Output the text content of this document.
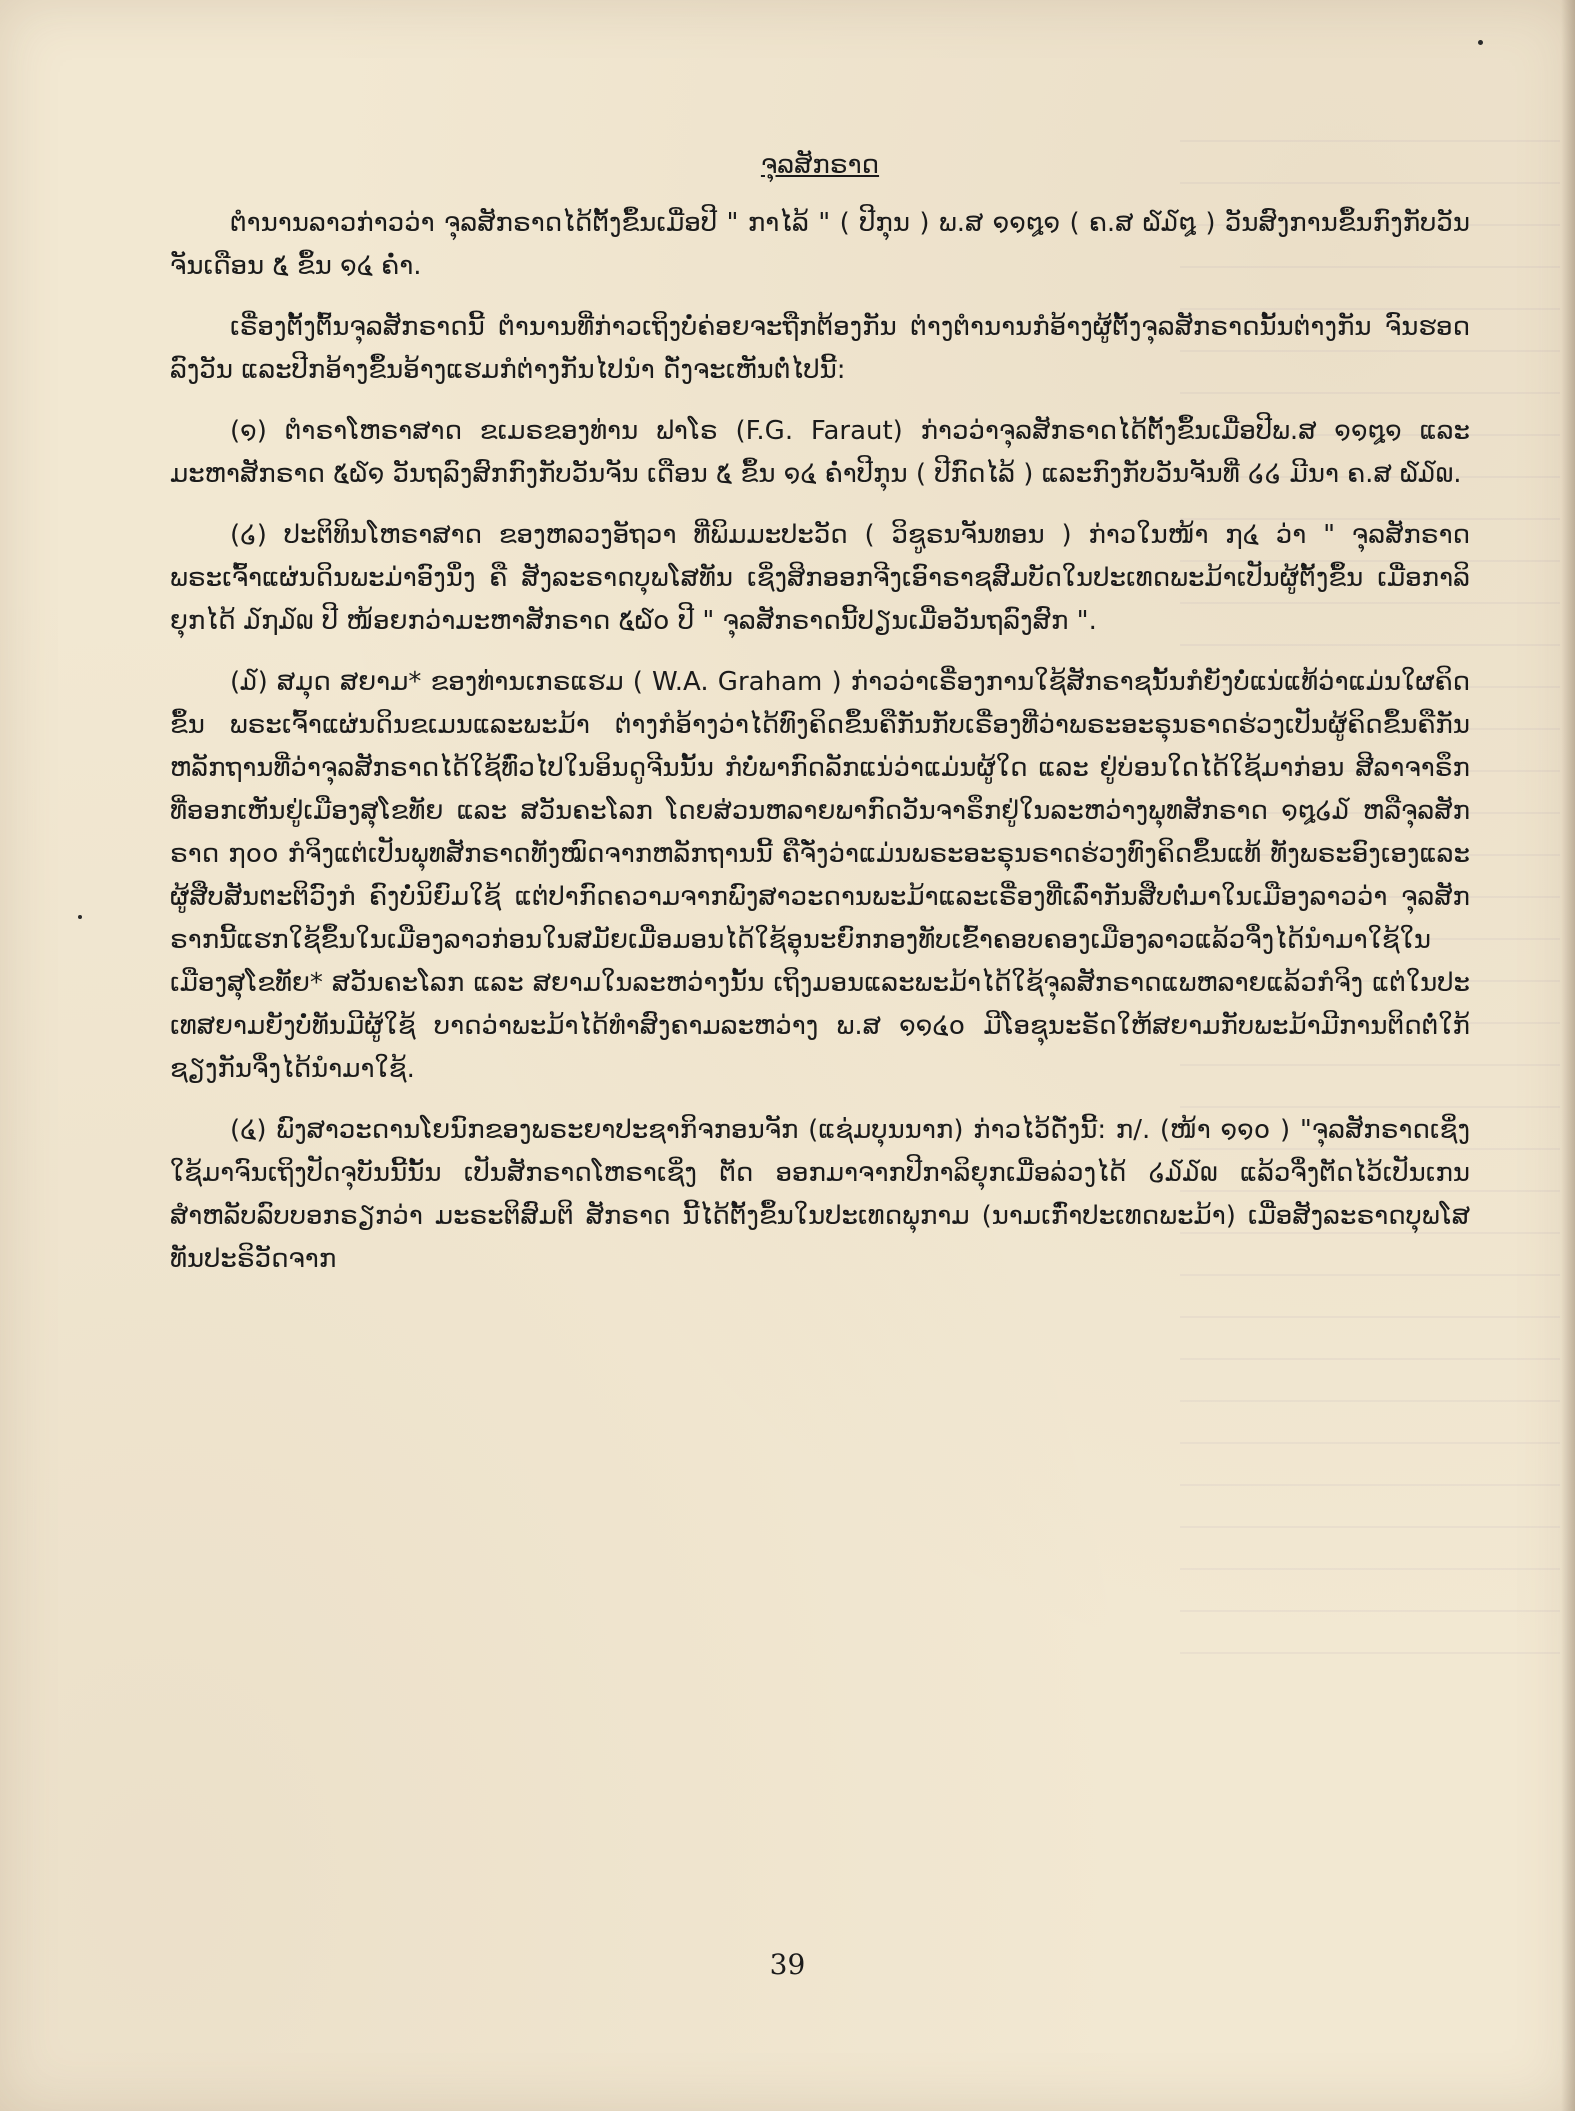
ຈຸລສັກຣາດ

ຕຳນານລາວກ່າວວ່າ ຈຸລສັກຣາດໄດ້ຕັ້ງຂຶ້ນເມື່ອປີ " ກາໄລ້ " ( ປີກຸນ ) ພ.ສ ໑໑໘໑ ( ຄ.ສ ໖໓໘ ) ວັນສົງການຂຶ້ນກົງກັບວັນຈັນເດືອນ ໕ ຂຶ້ນ ໑໔ ຄ່ຳ.

ເຣື່ອງຕັ້ງຕົ້ນຈຸລສັກຣາດນີ້ ຕຳນານທີ່ກ່າວເຖິງບໍ່ຄ່ອຍຈະຖືກຕ້ອງກັນ ຕ່າງຕຳນານກໍອ້າງຜູ້ຕັ້ງຈຸລສັກຣາດນັ້ນຕ່າງກັນ ຈົນຮອດລົງວັນ ແລະປີກອ້າງຂຶ້ນອ້າງແຮມກໍຕ່າງກັນໄປນຳ ດັ່ງຈະເຫັນຕໍ່ໄປນີ້:

(໑) ຕຳຣາໂຫຣາສາດ ຂເມຣຂອງທ່ານ ຟາໂຣ (F.G. Faraut) ກ່າວວ່າຈຸລສັກຣາດໄດ້ຕັ້ງຂຶ້ນເມື່ອປີພ.ສ ໑໑໘໑ ແລະ ມະຫາສັກຣາດ ໕໖໑ ວັນຖລົງສົກກົງກັບວັນຈັນ ເດືອນ ໕ ຂຶ້ນ ໑໔ ຄ່ຳປີກຸນ ( ປີກົດໄລ້ ) ແລະກົງກັບວັນຈັນທີ່ ໒໒ ມີນາ ຄ.ສ ໖໓໙.

(໒) ປະຕິທິນໂຫຣາສາດ ຂອງຫລວງອັຖວາ ທີ່ພິມມະປະວັດ ( ວິຊູຣນຈັນທອນ ) ກ່າວໃນໜ້າ ໗໔ ວ່າ " ຈຸລສັກຣາດ ພຣະເຈົ້າແຜ່ນດິນພະມ່າອົງນຶ່ງ ຄື ສັງລະຣາດບຸພໂສທັນ ເຊິ່ງສິກອອກຈີງເອົາຣາຊສົມບັດໃນປະເທດພະມ້າເປັນຜູ້ຕັ້ງຂຶ້ນ ເມື່ອກາລິຍຸກໄດ້ ໓໗໓໙ ປີ ໜ້ອຍກວ່າມະຫາສັກຣາດ ໕໖໐ ປີ " ຈຸລສັກຣາດນີ້ປຽນເມື່ອວັນຖລົງສົກ ".

(໓) ສມຸດ ສຍາມ* ຂອງທ່ານເກຣແຮມ ( W.A. Graham ) ກ່າວວ່າເຣື່ອງການໃຊ້ສັກຣາຊນັ້ນກໍຍັງບໍ່ແນ່ແທ້ວ່າແມ່ນໃຜຄິດຂຶ້ນ ພຣະເຈົ້າແຜ່ນດິນຂເມນແລະພະມ້າ ຕ່າງກໍອ້າງວ່າໄດ້ທົງຄິດຂຶ້ນຄືກັນກັບເຣື່ອງທີ່ວ່າພຣະອະຣຸນຣາດຮ່ວງເປັນຜູ້ຄິດຂຶ້ນຄືກັນ ຫລັກຖານທີ່ວ່າຈຸລສັກຣາດໄດ້ໃຊ້ທົ່ວໄປໃນອິນດູຈີນນັ້ນ ກໍບໍ່ພາກົດລັກແນ່ວ່າແມ່ນຜູ້ໃດ ແລະ ຢູ່ບ່ອນໃດໄດ້ໃຊ້ມາກ່ອນ ສີລາຈາຣຶກທີ່ອອກເຫັນຢູ່ເມືອງສຸໂຂທັຍ ແລະ ສວັນຄະໂລກ ໂດຍສ່ວນຫລາຍພາກົດວັນຈາຣຶກຢູ່ໃນລະຫວ່າງພຸທສັກຣາດ ໑໘໒໓ ຫລືຈຸລສັກຣາດ ໗໐໐ ກໍຈິງແຕ່ເປັນພຸທສັກຣາດທັງໝົດຈາກຫລັກຖານນີ້ ຄືຈັ່ງວ່າແມ່ນພຣະອະຣຸນຣາດຮ່ວງທົງຄິດຂຶ້ນແທ້ ທັງພຣະອົງເອງແລະຜູ້ສືບສັນຕະຕິວົງກໍ ຄົງບໍ່ນິຍົມໃຊ້ ແຕ່ປາກົດຄວາມຈາກພົງສາວະດານພະມ້າແລະເຣື່ອງທີ່ເລົ່າກັນສືບຕໍ່ມາໃນເມືອງລາວວ່າ ຈຸລສັກຣາກນີ້ແຮກໃຊ້ຂຶ້ນໃນເມືອງລາວກ່ອນໃນສມັຍເມື່ອມອນໄດ້ໃຊ້ອຸນະຍົກກອງທັບເຂົ້າຄອບຄອງເມືອງລາວແລ້ວຈຶ່ງໄດ້ນຳມາໃຊ້ໃນເມືອງສຸໂຂທັຍ* ສວັນຄະໂລກ ແລະ ສຍາມໃນລະຫວ່າງນັ້ນ ເຖິງມອນແລະພະມ້າໄດ້ໃຊ້ຈຸລສັກຣາດແພຫລາຍແລ້ວກໍຈິງ ແຕ່ໃນປະເທສຍາມຍັງບໍ່ທັນມີຜູ້ໃຊ້ ບາດວ່າພະມ້າໄດ້ທຳສົງຄາມລະຫວ່າງ ພ.ສ ໑໑໔໐ ມີໂອຊຸນະຣັດໃຫ້ສຍາມກັບພະມ້າມີການຕິດຕໍ່ໃກ້ຊຽງກັນຈຶ່ງໄດ້ນຳມາໃຊ້.

(໔) ພົງສາວະດານໂຍນົກຂອງພຣະຍາປະຊາກິຈກອນຈັກ (ແຊ່ມບຸນນາກ) ກ່າວໄວ້ດັ່ງນີ້: ກ/. (ໜ້າ ໑໑໐ ) "ຈຸລສັກຣາດເຊິ່ງໃຊ້ມາຈົນເຖິງປັດຈຸບັນນີ້ນັ້ນ ເປັນສັກຣາດໂຫຣາເຊິ່ງ ຕັດ ອອກມາຈາກປີກາລິຍຸກເມື່ອລ່ວງໄດ້ ໒໓໓໙ ແລ້ວຈຶ່ງຕັດໄວ້ເປັນເກນສຳຫລັບລົບບອກຣຽກວ່າ ມະຣະຕິສົມຕິ ສັກຣາດ ນີ້ໄດ້ຕັ້ງຂຶ້ນໃນປະເທດພຸກາມ (ນາມເກົ່າປະເທດພະມ້າ) ເມື່ອສັງລະຣາດບຸພໂສທັນປະຣິວັດຈາກ

39
